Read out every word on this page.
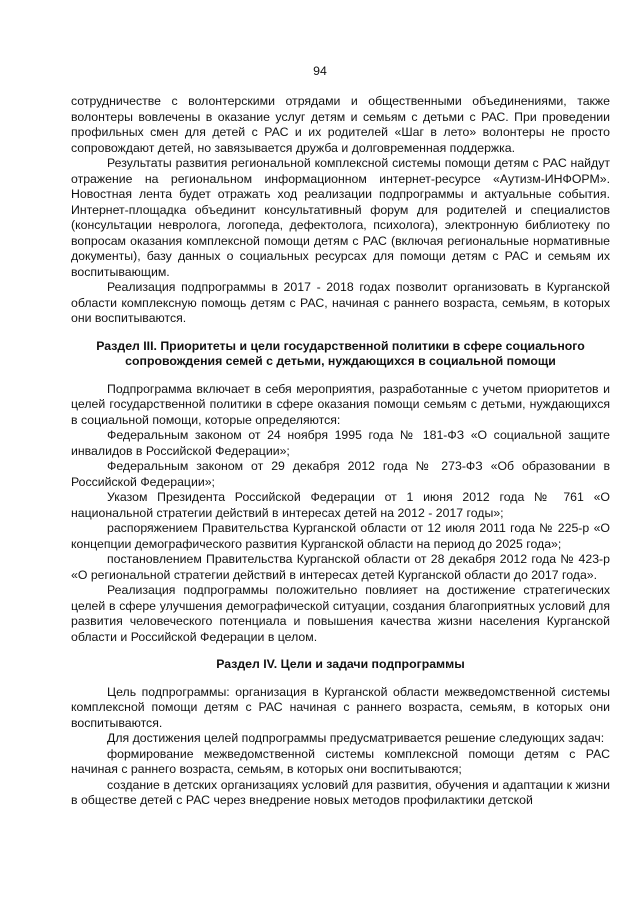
94

сотрудничестве с волонтерскими отрядами и общественными объединениями, также волонтеры вовлечены в оказание услуг детям и семьям с детьми с РАС. При проведении профильных смен для детей с РАС и их родителей «Шаг в лето» волонтеры не просто сопровождают детей, но завязывается дружба и долговременная поддержка.

Результаты развития региональной комплексной системы помощи детям с РАС найдут отражение на региональном информационном интернет-ресурсе «Аутизм-ИНФОРМ». Новостная лента будет отражать ход реализации подпрограммы и актуальные события. Интернет-площадка объединит консультативный форум для родителей и специалистов (консультации невролога, логопеда, дефектолога, психолога), электронную библиотеку по вопросам оказания комплексной помощи детям с РАС (включая региональные нормативные документы), базу данных о социальных ресурсах для помощи детям с РАС и семьям их воспитывающим.

Реализация подпрограммы в 2017 - 2018 годах позволит организовать в Курганской области комплексную помощь детям с РАС, начиная с раннего возраста, семьям, в которых они воспитываются.

Раздел III. Приоритеты и цели государственной политики в сфере социального
сопровождения семей с детьми, нуждающихся в социальной помощи

Подпрограмма включает в себя мероприятия, разработанные с учетом приоритетов и целей государственной политики в сфере оказания помощи семьям с детьми, нуждающихся в социальной помощи, которые определяются:

Федеральным законом от 24 ноября 1995 года № 181-ФЗ «О социальной защите инвалидов в Российской Федерации»;

Федеральным законом от 29 декабря 2012 года № 273-ФЗ «Об образовании в Российской Федерации»;

Указом Президента Российской Федерации от 1 июня 2012 года № 761 «О национальной стратегии действий в интересах детей на 2012 - 2017 годы»;

распоряжением Правительства Курганской области от 12 июля 2011 года № 225-р «О концепции демографического развития Курганской области на период до 2025 года»;

постановлением Правительства Курганской области от 28 декабря 2012 года № 423-р «О региональной стратегии действий в интересах детей Курганской области до 2017 года».

Реализация подпрограммы положительно повлияет на достижение стратегических целей в сфере улучшения демографической ситуации, создания благоприятных условий для развития человеческого потенциала и повышения качества жизни населения Курганской области и Российской Федерации в целом.

Раздел IV. Цели и задачи подпрограммы

Цель подпрограммы: организация в Курганской области межведомственной системы комплексной помощи детям с РАС начиная с раннего возраста, семьям, в которых они воспитываются.

Для достижения целей подпрограммы предусматривается решение следующих задач:

формирование межведомственной системы комплексной помощи детям с РАС начиная с раннего возраста, семьям, в которых они воспитываются;

создание в детских организациях условий для развития, обучения и адаптации к жизни в обществе детей с РАС через внедрение новых методов профилактики детской
